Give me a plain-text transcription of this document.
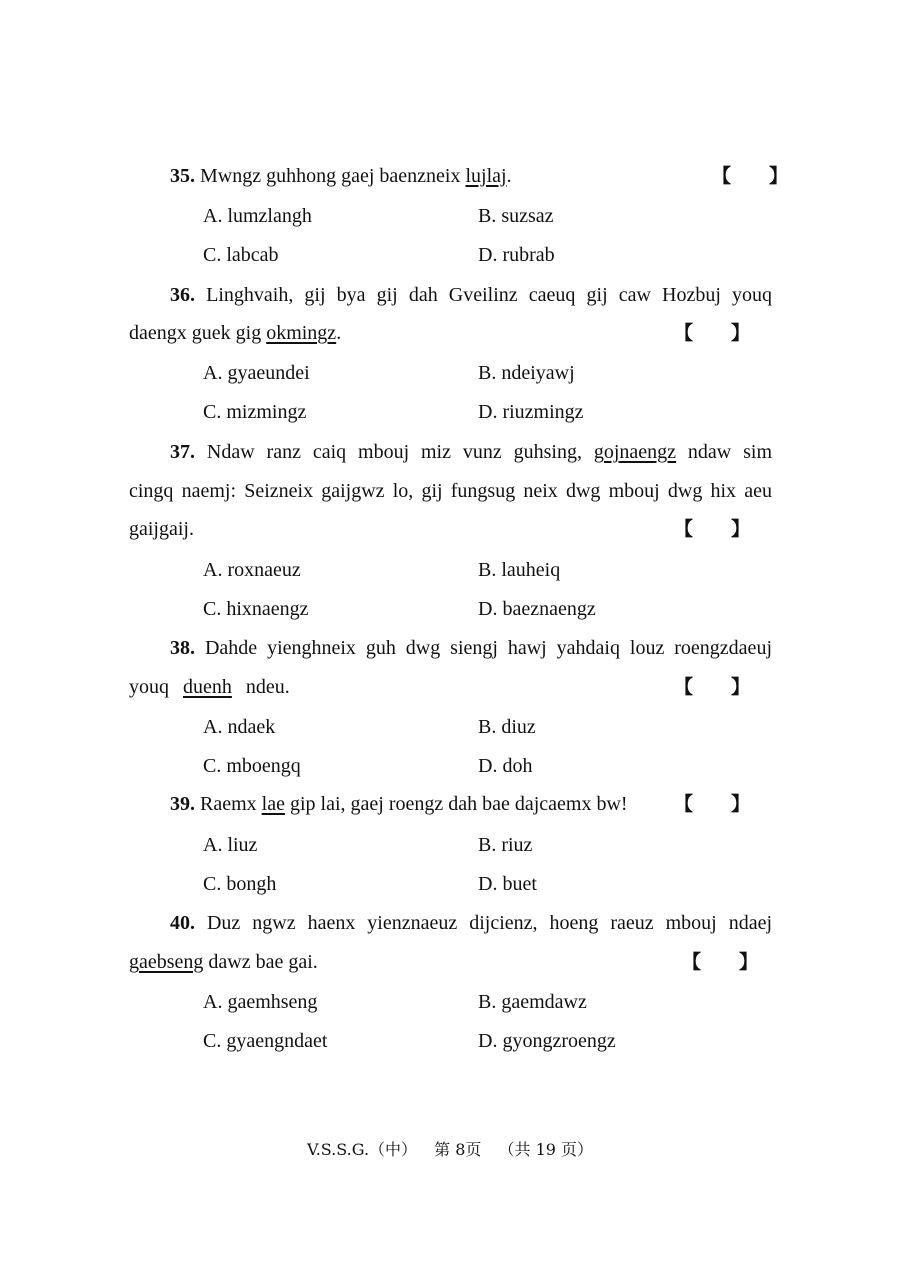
35. Mwngz guhhong gaej baenzneix lujlaj.	【　　】
A. lumzlangh	B. suzsaz
C. labcab	D. rubrab
36. Linghvaih, gij bya gij dah Gveilinz caeuq gij caw Hozbuj youq
daengx guek gig okmingz.	【　　】
A. gyaeundei	B. ndeiyawj
C. mizmingz	D. riuzmingz
37. Ndaw ranz caiq mbouj miz vunz guhsing, gojnaengz ndaw sim
cingq naemj: Seizneix gaijgwz lo, gij fungsug neix dwg mbouj dwg hix aeu
gaijgaij.	【　　】
A. roxnaeuz	B. lauheiq
C. hixnaengz	D. baeznaengz
38. Dahde yienghneix guh dwg siengj hawj yahdaiq louz roengzdaeuj
youq duenh ndeu.	【　　】
A. ndaek	B. diuz
C. mboengq	D. doh
39. Raemx lae gip lai, gaej roengz dah bae dajcaemx bw! 【　　】
A. liuz	B. riuz
C. bongh	D. buet
40. Duz ngwz haenx yienznaeuz dijcienz, hoeng raeuz mbouj ndaej
gaebseng dawz bae gai.	【　　】
A. gaemhseng	B. gaemdawz
C. gyaengndaet	D. gyongzroengz
V.S.S.G.（中） 第 8页 （共 19 页）
